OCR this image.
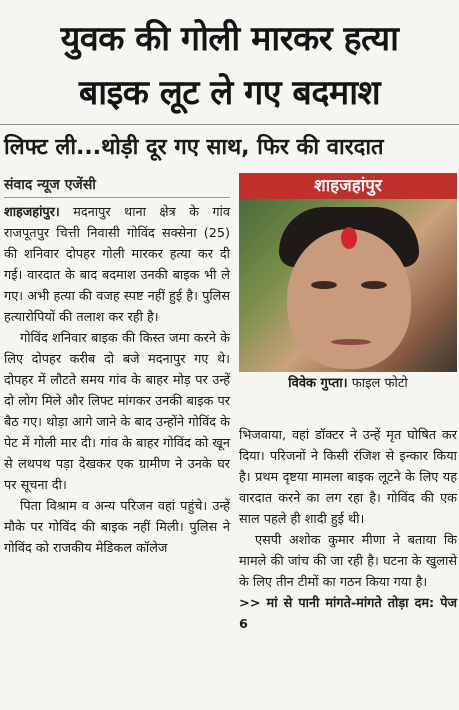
युवक की गोली मारकर हत्या
बाइक लूट ले गए बदमाश
लिफ्ट ली...थोड़ी दूर गए साथ, फिर की वारदात
संवाद न्यूज एजेंसी	शाहजहांपुर
विवेक गुप्ता। फाइल फोटो

शाहजहांपुर। मदनापुर थाना क्षेत्र के गांव राजपूतपुर चित्ती निवासी गोविंद सक्सेना (25) की शनिवार दोपहर गोली मारकर हत्या कर दी गई। वारदात के बाद बदमाश उनकी बाइक भी ले गए। अभी हत्या की वजह स्पष्ट नहीं हुई है। पुलिस हत्यारोपियों की तलाश कर रही है।

गोविंद शनिवार बाइक की किस्त जमा करने के लिए दोपहर करीब दो बजे मदनापुर गए थे। दोपहर में लौटते समय गांव के बाहर मोड़ पर उन्हें दो लोग मिले और लिफ्ट मांगकर उनकी बाइक पर बैठ गए। थोड़ा आगे जाने के बाद उन्होंने गोविंद के पेट में गोली मार दी। गांव के बाहर गोविंद को खून से लथपथ पड़ा देखकर एक ग्रामीण ने उनके घर पर सूचना दी।

पिता विश्राम व अन्य परिजन वहां पहुंचे। उन्हें मौके पर गोविंद की बाइक नहीं मिली। पुलिस ने गोविंद को राजकीय मेडिकल कॉलेज

भिजवाया, वहां डॉक्टर ने उन्हें मृत घोषित कर दिया। परिजनों ने किसी रंजिश से इन्कार किया है। प्रथम दृष्टया मामला बाइक लूटने के लिए यह वारदात करने का लग रहा है। गोविंद की एक साल पहले ही शादी हुई थी।

एसपी अशोक कुमार मीणा ने बताया कि मामले की जांच की जा रही है। घटना के खुलासे के लिए तीन टीमों का गठन किया गया है।

>> मां से पानी मांगते-मांगते तोड़ा दम: पेज 6
